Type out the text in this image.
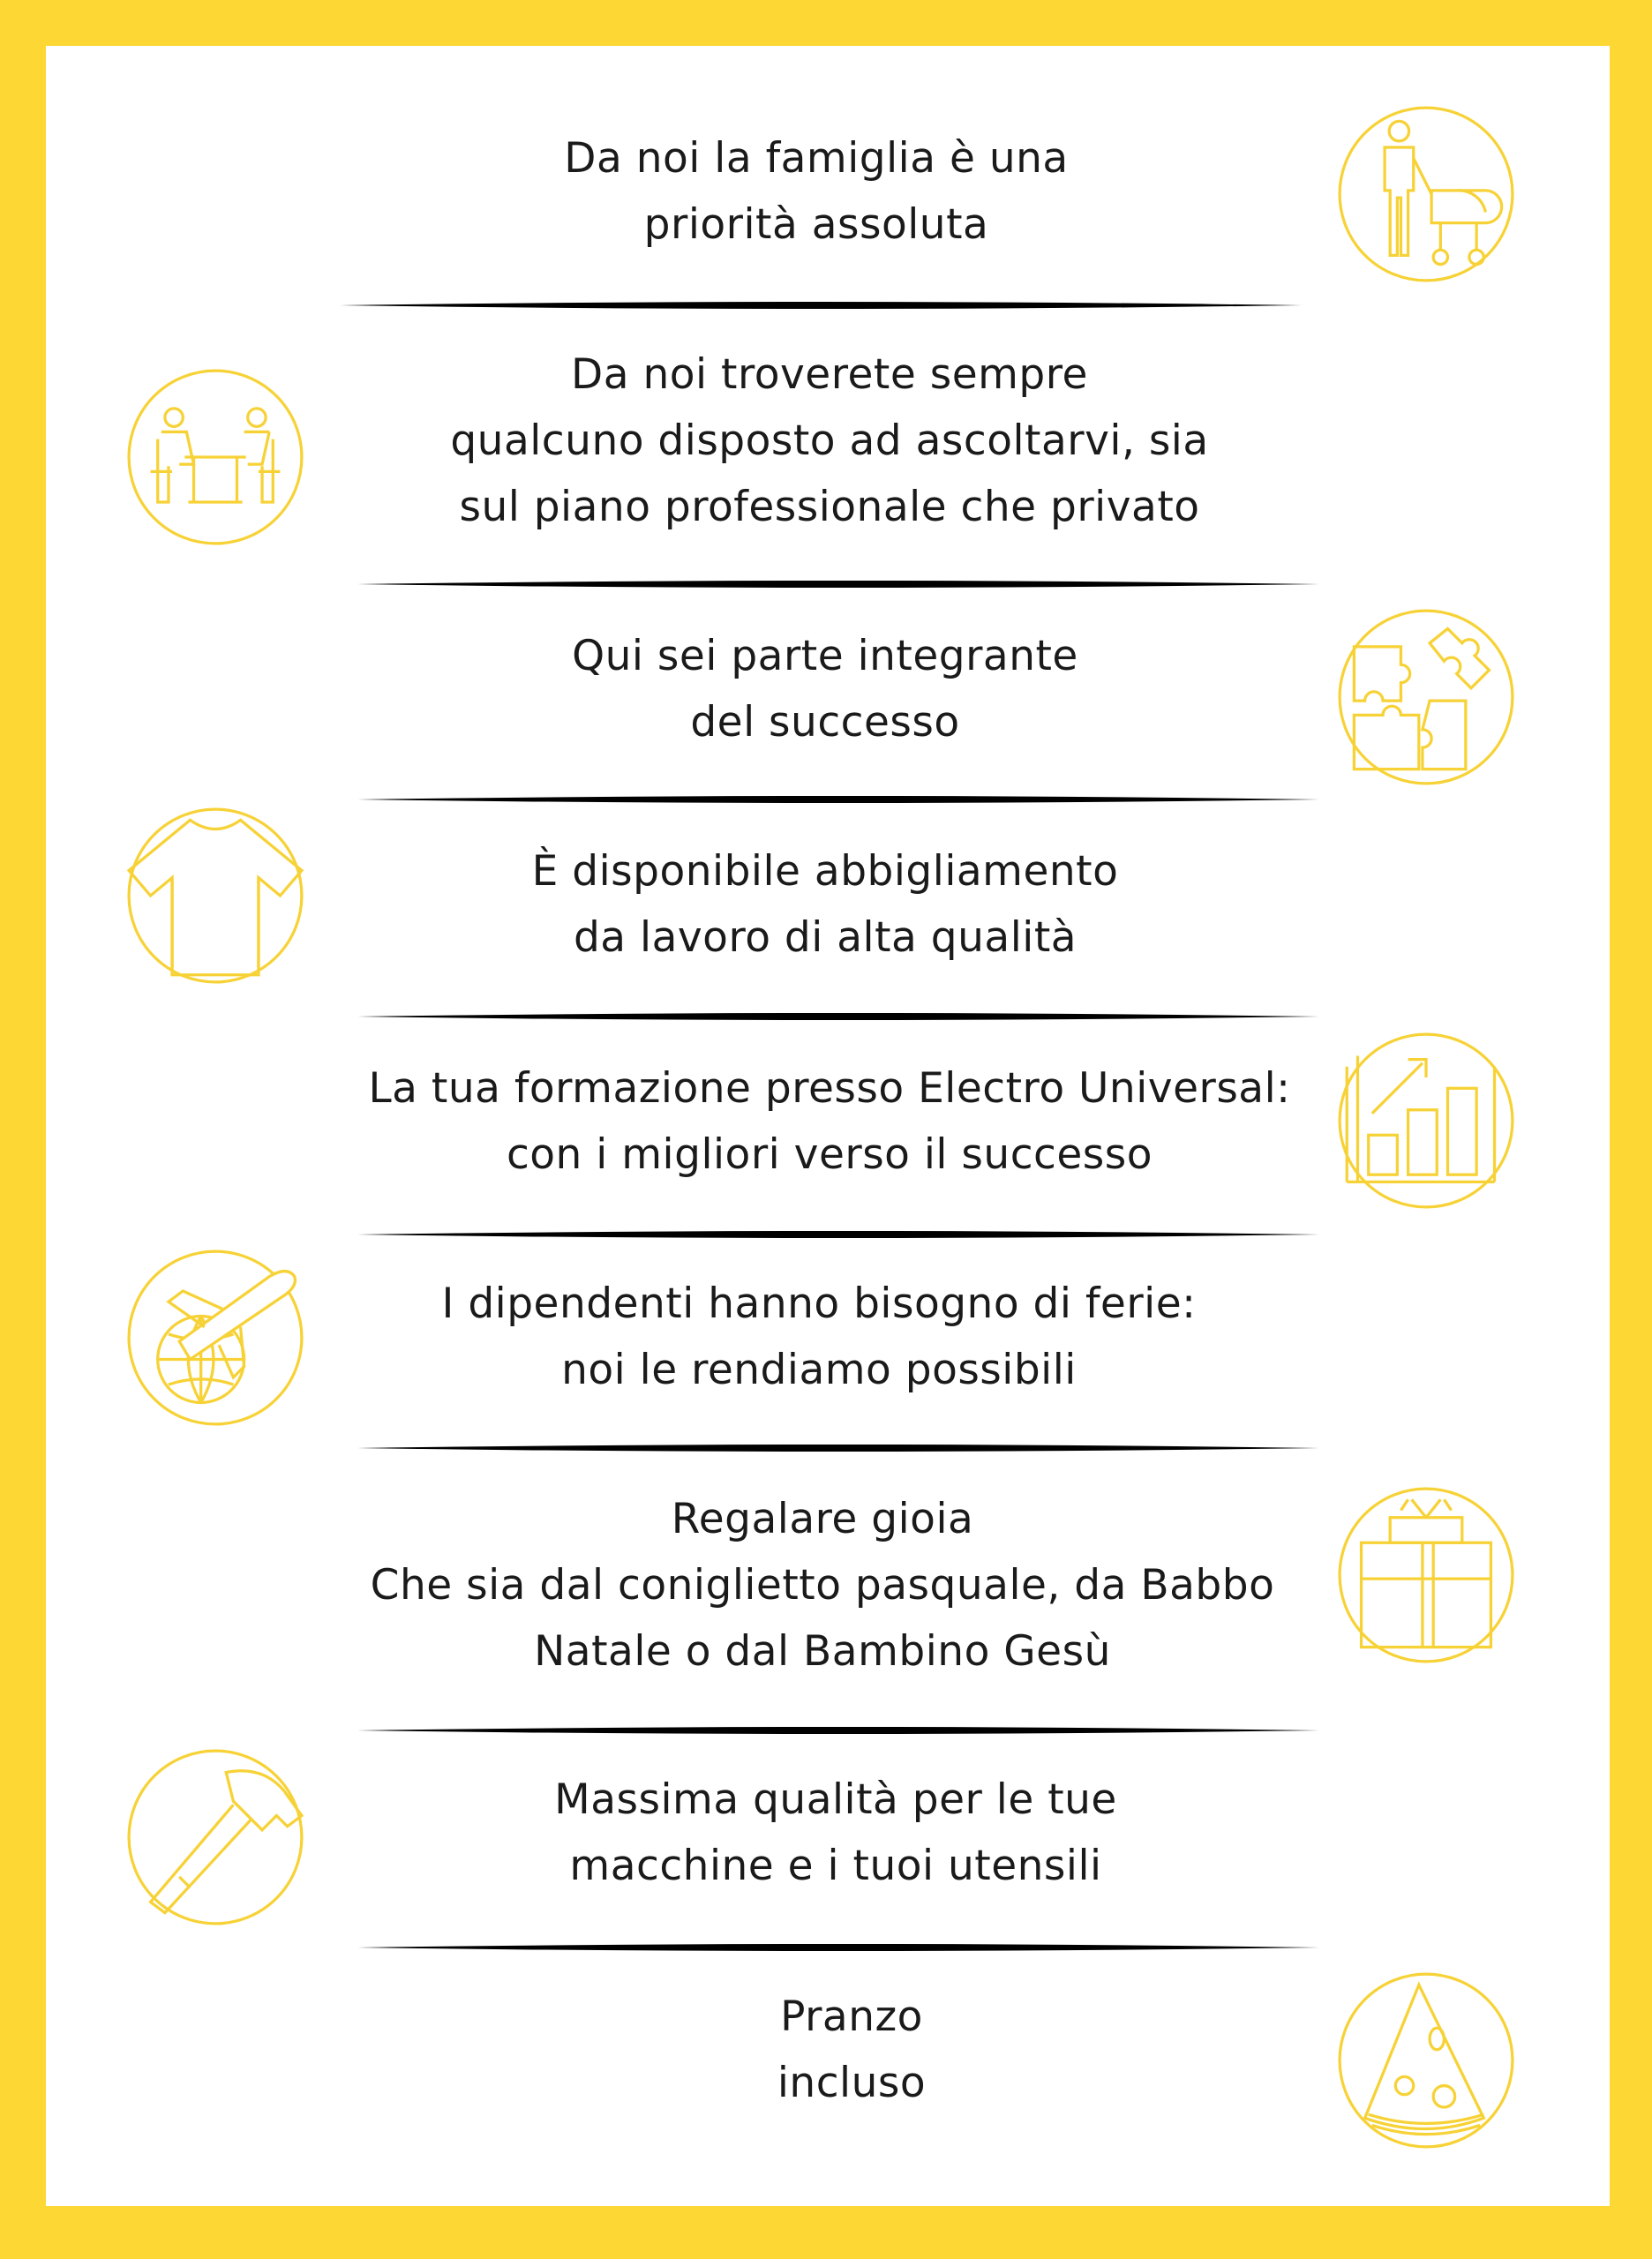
Da noi la famiglia è una
priorità assoluta
Da noi troverete sempre
qualcuno disposto ad ascoltarvi, sia
sul piano professionale che privato
Qui sei parte integrante
del successo
È disponibile abbigliamento
da lavoro di alta qualità
La tua formazione presso Electro Universal:
con i migliori verso il successo
I dipendenti hanno bisogno di ferie:
noi le rendiamo possibili
Regalare gioia
Che sia dal coniglietto pasquale, da Babbo
Natale o dal Bambino Gesù
Massima qualità per le tue
macchine e i tuoi utensili
Pranzo
incluso
